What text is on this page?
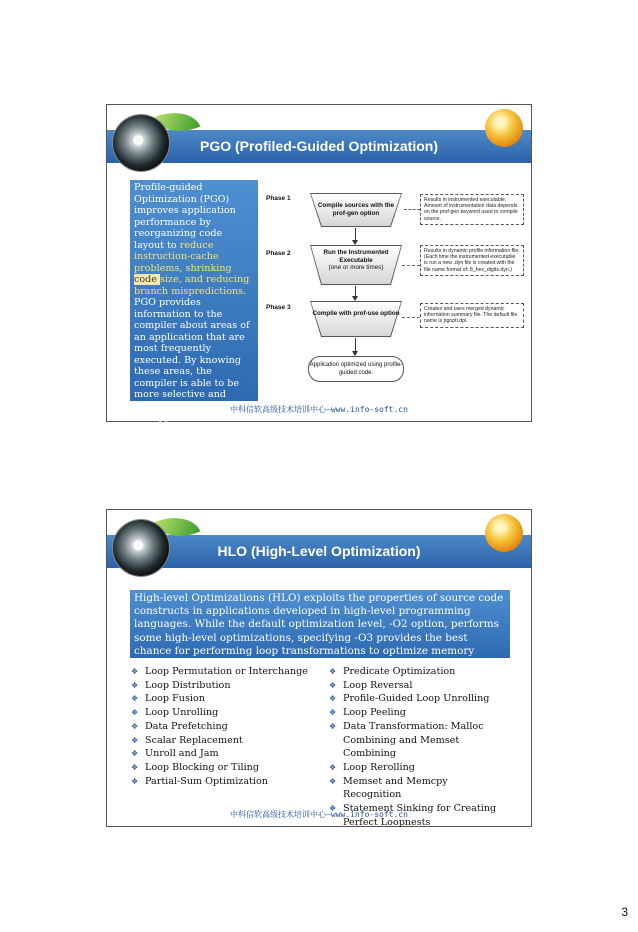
PGO (Profiled-Guided Optimization)
Profile-guided Optimization (PGO) improves application performance by reorganizing code layout to reduce instruction-cache problems, shrinking code size, and reducing branch mispredictions. PGO provides information to the compiler about areas of an application that are most frequently executed. By knowing these areas, the compiler is able to be more selective and specific in optimizing the application.
Phase 1
Phase 2
Phase 3
Compile sources with the prof-gen option
Run the Instrumented Executable
(one or more times)
Compile with prof-use option
Results in instrumented executable. Amount of instrumentation data depends on the prof-gen keyword used to compile source.
Results in dynamic profile information file. (Each time the instrumented executable is run a new .dyn file is created with the file name format of: 8_hex_digits.dyn.)
Creates and uses merged dynamic information summary file. The default file name is pgopti.dpi.
Application optimized using profile-guided code.
中科信软高级技术培训中心—www.info-soft.cn
HLO (High-Level Optimization)
High-level Optimizations (HLO) exploits the properties of source code constructs in applications developed in high-level programming languages. While the default optimization level, -O2 option, performs some high-level optimizations, specifying -O3 provides the best chance for performing loop transformations to optimize memory accesses.
❖ Loop Permutation or Interchange
❖ Loop Distribution
❖ Loop Fusion
❖ Loop Unrolling
❖ Data Prefetching
❖ Scalar Replacement
❖ Unroll and Jam
❖ Loop Blocking or Tiling
❖ Partial-Sum Optimization
❖ Predicate Optimization
❖ Loop Reversal
❖ Profile-Guided Loop Unrolling
❖ Loop Peeling
❖ Data Transformation: Malloc Combining and Memset Combining
❖ Loop Rerolling
❖ Memset and Memcpy Recognition
❖ Statement Sinking for Creating Perfect Loopnests
中科信软高级技术培训中心—www.info-soft.cn
3
